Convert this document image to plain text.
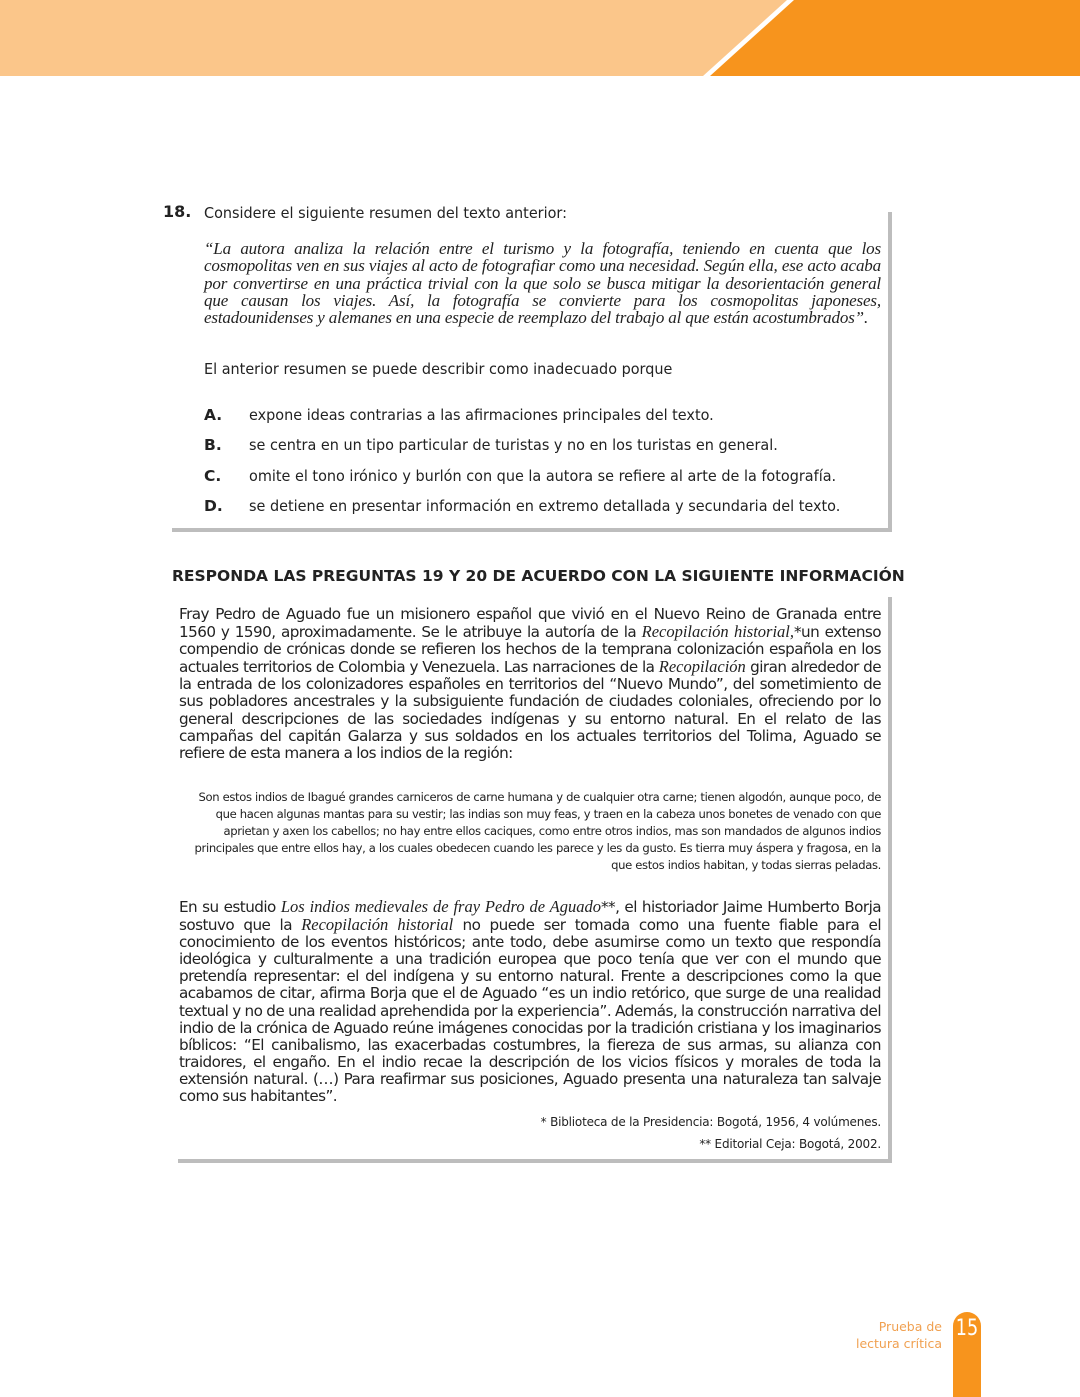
18. Considere el siguiente resumen del texto anterior:
“La autora analiza la relación entre el turismo y la fotografía, teniendo en cuenta que los cosmopolitas ven en sus viajes al acto de fotografiar como una necesidad. Según ella, ese acto acaba por convertirse en una práctica trivial con la que solo se busca mitigar la desorientación general que causan los viajes. Así, la fotografía se convierte para los cosmopolitas japoneses, estadounidenses y alemanes en una especie de reemplazo del trabajo al que están acostumbrados”.
El anterior resumen se puede describir como inadecuado porque
A. expone ideas contrarias a las afirmaciones principales del texto.
B. se centra en un tipo particular de turistas y no en los turistas en general.
C. omite el tono irónico y burlón con que la autora se refiere al arte de la fotografía.
D. se detiene en presentar información en extremo detallada y secundaria del texto.
RESPONDA LAS PREGUNTAS 19 Y 20 DE ACUERDO CON LA SIGUIENTE INFORMACIÓN
Fray Pedro de Aguado fue un misionero español que vivió en el Nuevo Reino de Granada entre 1560 y 1590, aproximadamente. Se le atribuye la autoría de la Recopilación historial,*un extenso compendio de crónicas donde se refieren los hechos de la temprana colonización española en los actuales territorios de Colombia y Venezuela. Las narraciones de la Recopilación giran alrededor de la entrada de los colonizadores españoles en territorios del “Nuevo Mundo”, del sometimiento de sus pobladores ancestrales y la subsiguiente fundación de ciudades coloniales, ofreciendo por lo general descripciones de las sociedades indígenas y su entorno natural. En el relato de las campañas del capitán Galarza y sus soldados en los actuales territorios del Tolima, Aguado se refiere de esta manera a los indios de la región:
Son estos indios de Ibagué grandes carniceros de carne humana y de cualquier otra carne; tienen algodón, aunque poco, de que hacen algunas mantas para su vestir; las indias son muy feas, y traen en la cabeza unos bonetes de venado con que aprietan y axen los cabellos; no hay entre ellos caciques, como entre otros indios, mas son mandados de algunos indios principales que entre ellos hay, a los cuales obedecen cuando les parece y les da gusto. Es tierra muy áspera y fragosa, en la que estos indios habitan, y todas sierras peladas.
En su estudio Los indios medievales de fray Pedro de Aguado**, el historiador Jaime Humberto Borja sostuvo que la Recopilación historial no puede ser tomada como una fuente fiable para el conocimiento de los eventos históricos; ante todo, debe asumirse como un texto que respondía ideológica y culturalmente a una tradición europea que poco tenía que ver con el mundo que pretendía representar: el del indígena y su entorno natural. Frente a descripciones como la que acabamos de citar, afirma Borja que el de Aguado “es un indio retórico, que surge de una realidad textual y no de una realidad aprehendida por la experiencia”. Además, la construcción narrativa del indio de la crónica de Aguado reúne imágenes conocidas por la tradición cristiana y los imaginarios bíblicos: “El canibalismo, las exacerbadas costumbres, la fiereza de sus armas, su alianza con traidores, el engaño. En el indio recae la descripción de los vicios físicos y morales de toda la extensión natural. (…) Para reafirmar sus posiciones, Aguado presenta una naturaleza tan salvaje como sus habitantes”.
* Biblioteca de la Presidencia: Bogotá, 1956, 4 volúmenes.
** Editorial Ceja: Bogotá, 2002.
Prueba de
lectura crítica
15
